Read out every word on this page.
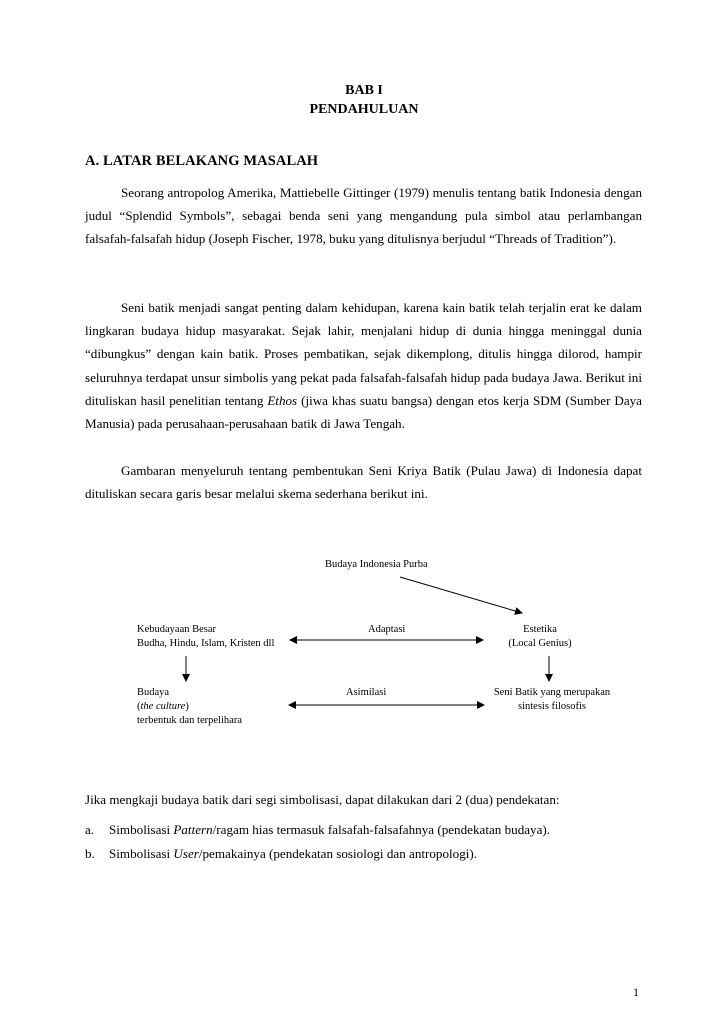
BAB I
PENDAHULUAN
A. LATAR BELAKANG MASALAH

Seorang antropolog Amerika, Mattiebelle Gittinger (1979) menulis tentang batik Indonesia dengan judul “Splendid Symbols”, sebagai benda seni yang mengandung pula simbol atau perlambangan falsafah-falsafah hidup (Joseph Fischer, 1978, buku yang ditulisnya berjudul “Threads of Tradition”).

Seni batik menjadi sangat penting dalam kehidupan, karena kain batik telah terjalin erat ke dalam lingkaran budaya hidup masyarakat. Sejak lahir, menjalani hidup di dunia hingga meninggal dunia “dibungkus” dengan kain batik. Proses pembatikan, sejak dikemplong, ditulis hingga dilorod, hampir seluruhnya terdapat unsur simbolis yang pekat pada falsafah-falsafah hidup pada budaya Jawa. Berikut ini dituliskan hasil penelitian tentang Ethos (jiwa khas suatu bangsa) dengan etos kerja SDM (Sumber Daya Manusia) pada perusahaan-perusahaan batik di Jawa Tengah.

Gambaran menyeluruh tentang pembentukan Seni Kriya Batik (Pulau Jawa) di Indonesia dapat dituliskan secara garis besar melalui skema sederhana berikut ini.

Budaya Indonesia Purba
Kebudayaan Besar
Budha, Hindu, Islam, Kristen dll
Adaptasi	Estetika
(Local Genius)
Budaya
(the culture)
terbentuk dan terpelihara
Asimilasi	Seni Batik yang merupakan
sintesis filosofis

Jika mengkaji budaya batik dari segi simbolisasi, dapat dilakukan dari 2 (dua) pendekatan:

a. Simbolisasi Pattern/ragam hias termasuk falsafah-falsafahnya (pendekatan budaya).
b. Simbolisasi User/pemakainya (pendekatan sosiologi dan antropologi).
1
